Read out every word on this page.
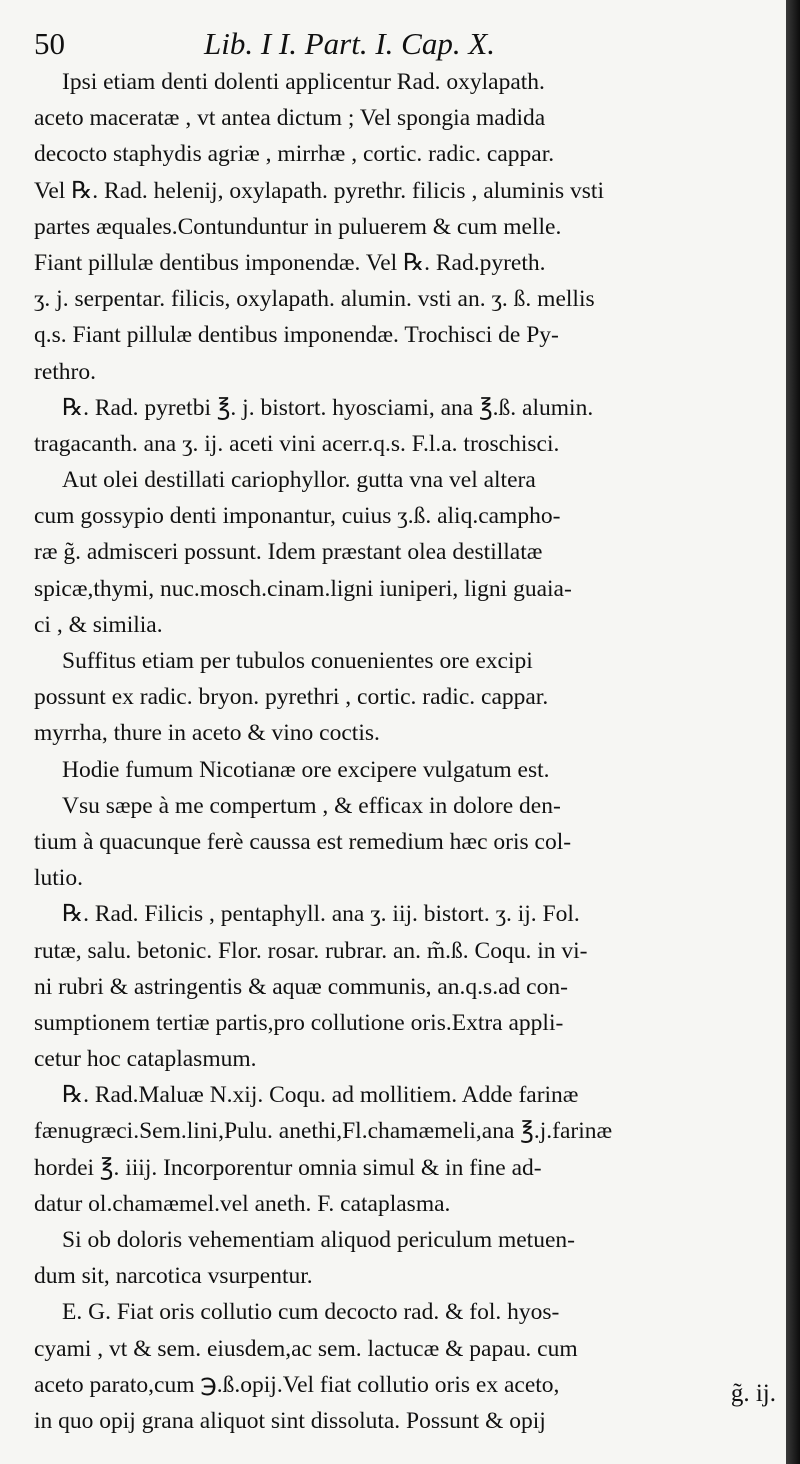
50	Lib. I I. Part. I. Cap. X.
Ipsi etiam denti dolenti applicentur Rad. oxylapath.
aceto maceratæ , vt antea dictum ; Vel spongia madida
decocto staphydis agriæ , mirrhæ , cortic. radic. cappar.
Vel ℞. Rad. helenij, oxylapath. pyrethr. filicis , aluminis vsti
partes æquales.Contunduntur in puluerem & cum melle.
Fiant pillulæ dentibus imponendæ. Vel ℞. Rad.pyreth.
ʒ. j. serpentar. filicis, oxylapath. alumin. vsti an. ʒ. ß. mellis
q.s. Fiant pillulæ dentibus imponendæ. Trochisci de Py-
rethro.
℞. Rad. pyretbi ℥. j. bistort. hyosciami, ana ℥.ß. alumin.
tragacanth. ana ʒ. ij. aceti vini acerr.q.s. F.l.a. troschisci.
Aut olei destillati cariophyllor. gutta vna vel altera
cum gossypio denti imponantur, cuius ʒ.ß. aliq.campho-
ræ g̃. admisceri possunt. Idem præstant olea destillatæ
spicæ,thymi, nuc.mosch.cinam.ligni iuniperi, ligni guaia-
ci , & similia.
Suffitus etiam per tubulos conuenientes ore excipi
possunt ex radic. bryon. pyrethri , cortic. radic. cappar.
myrrha, thure in aceto & vino coctis.
Hodie fumum Nicotianæ ore excipere vulgatum est.
Vsu sæpe à me compertum , & efficax in dolore den-
tium à quacunque ferè caussa est remedium hæc oris col-
lutio.
℞. Rad. Filicis , pentaphyll. ana ʒ. iij. bistort. ʒ. ij. Fol.
rutæ, salu. betonic. Flor. rosar. rubrar. an. m̃.ß. Coqu. in vi-
ni rubri & astringentis & aquæ communis, an.q.s.ad con-
sumptionem tertiæ partis,pro collutione oris.Extra appli-
cetur hoc cataplasmum.
℞. Rad.Maluæ N.xij. Coqu. ad mollitiem. Adde farinæ
fænugræci.Sem.lini,Pulu. anethi,Fl.chamæmeli,ana ℥.j.farinæ
hordei ℥. iiij. Incorporentur omnia simul & in fine ad-
datur ol.chamæmel.vel aneth. F. cataplasma.
Si ob doloris vehementiam aliquod periculum metuen-
dum sit, narcotica vsurpentur.
E. G. Fiat oris collutio cum decocto rad. & fol. hyos-
cyami , vt & sem. eiusdem,ac sem. lactucæ & papau. cum
aceto parato,cum ℈.ß.opij.Vel fiat collutio oris ex aceto,
in quo opij grana aliquot sint dissoluta. Possunt & opij
g̃. ij.
